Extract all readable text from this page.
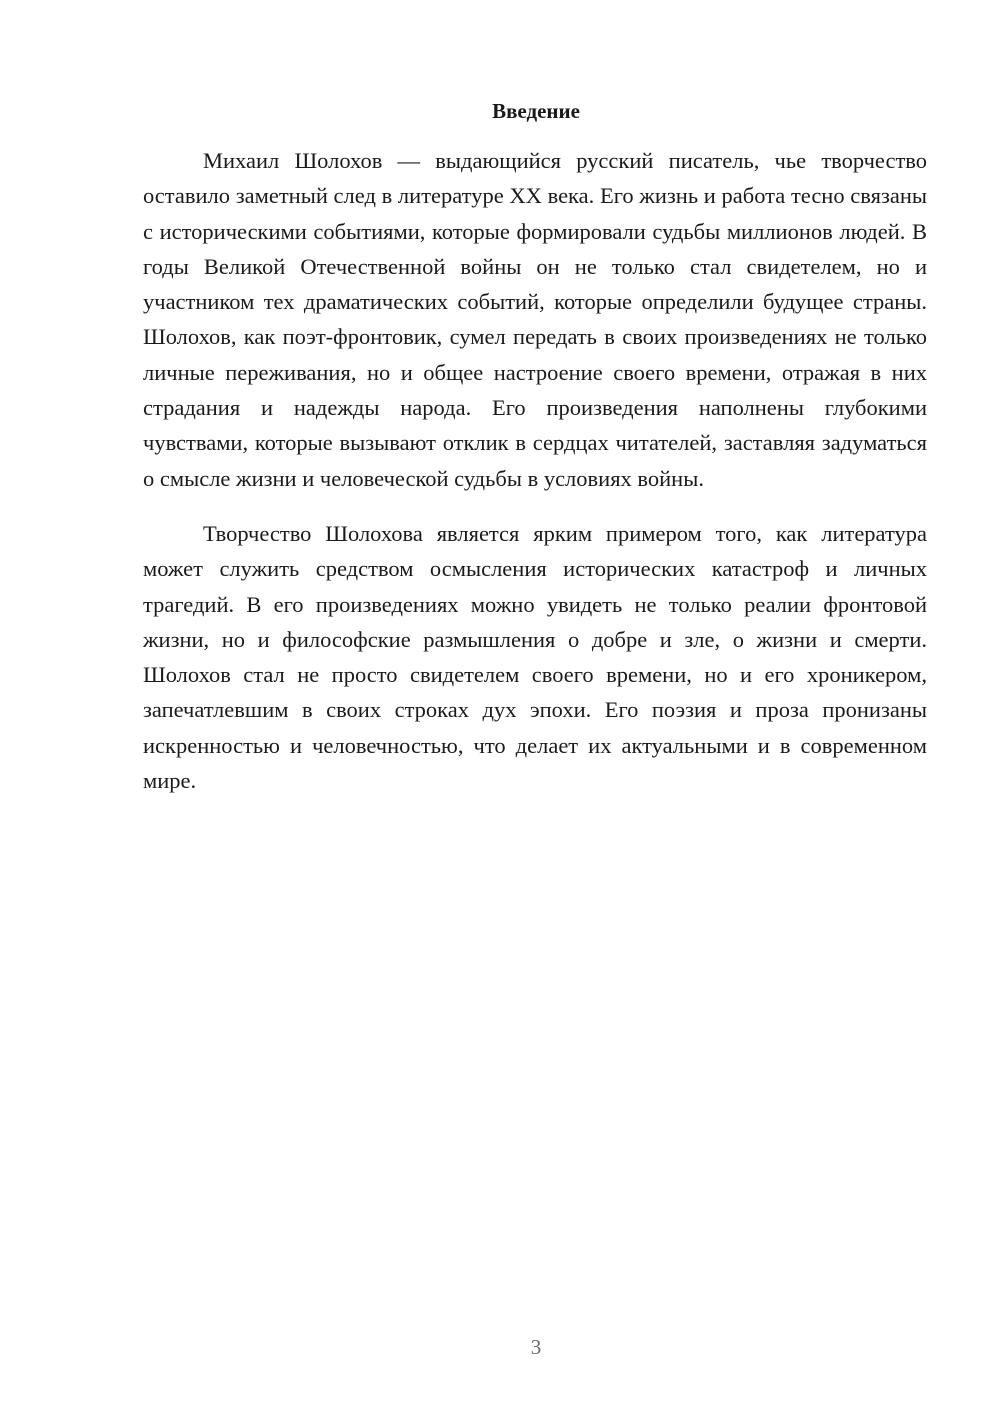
Введение

Михаил Шолохов — выдающийся русский писатель, чье творчество оставило заметный след в литературе XX века. Его жизнь и работа тесно связаны с историческими событиями, которые формировали судьбы миллионов людей. В годы Великой Отечественной войны он не только стал свидетелем, но и участником тех драматических событий, которые определили будущее страны. Шолохов, как поэт-фронтовик, сумел передать в своих произведениях не только личные переживания, но и общее настроение своего времени, отражая в них страдания и надежды народа. Его произведения наполнены глубокими чувствами, которые вызывают отклик в сердцах читателей, заставляя задуматься о смысле жизни и человеческой судьбы в условиях войны.

Творчество Шолохова является ярким примером того, как литература может служить средством осмысления исторических катастроф и личных трагедий. В его произведениях можно увидеть не только реалии фронтовой жизни, но и философские размышления о добре и зле, о жизни и смерти. Шолохов стал не просто свидетелем своего времени, но и его хроникером, запечатлевшим в своих строках дух эпохи. Его поэзия и проза пронизаны искренностью и человечностью, что делает их актуальными и в современном мире.

3
